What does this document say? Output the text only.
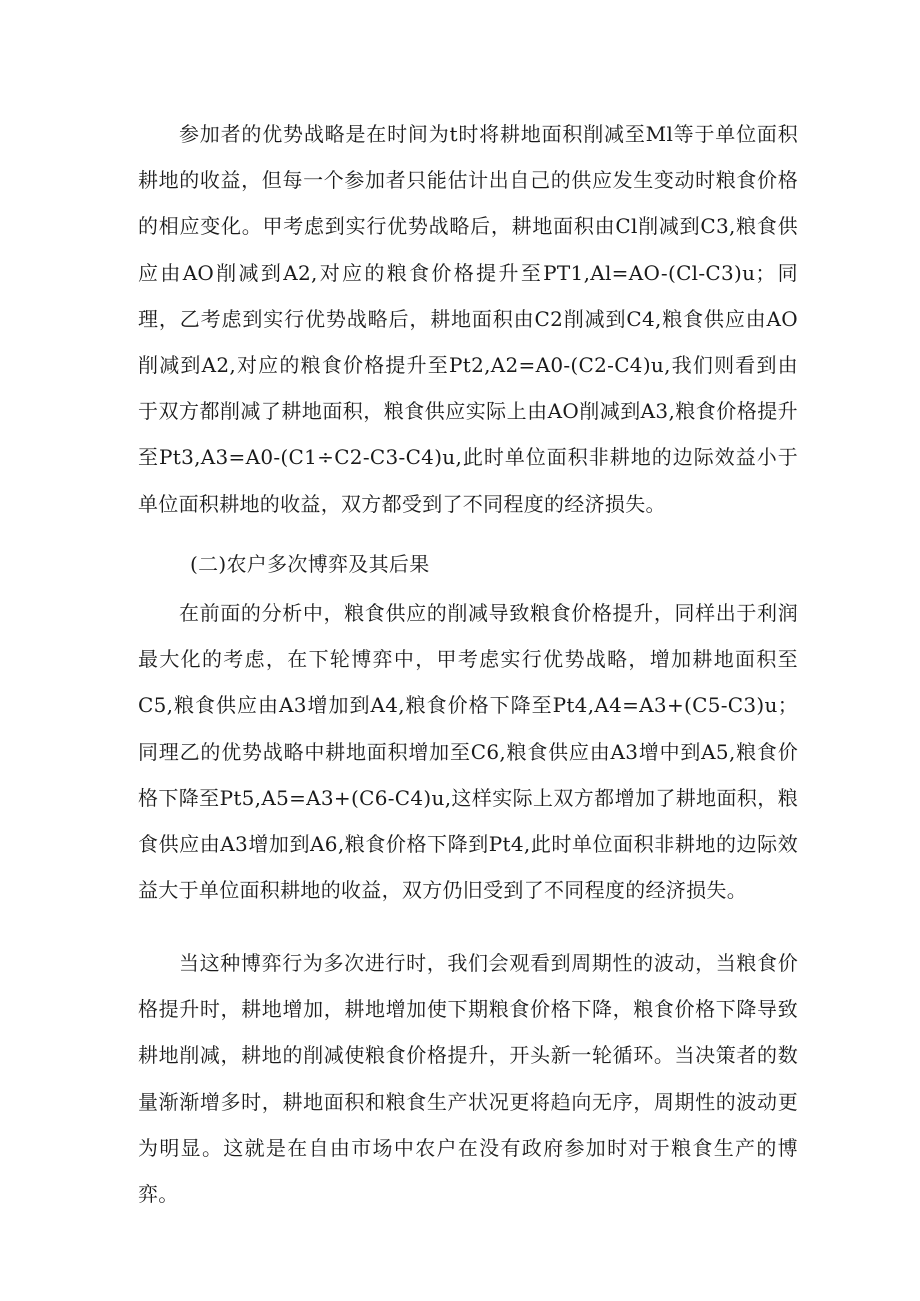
参加者的优势战略是在时间为t时将耕地面积削减至Ml等于单位面积耕地的收益，但每一个参加者只能估计出自己的供应发生变动时粮食价格的相应变化。甲考虑到实行优势战略后，耕地面积由Cl削减到C3,粮食供应由AO削减到A2,对应的粮食价格提升至PT1,Al=AO-(Cl-C3)u；同理，乙考虑到实行优势战略后，耕地面积由C2削减到C4,粮食供应由AO削减到A2,对应的粮食价格提升至Pt2,A2=A0-(C2-C4)u,我们则看到由于双方都削减了耕地面积，粮食供应实际上由AO削减到A3,粮食价格提升至Pt3,A3=A0-(C1÷C2-C3-C4)u,此时单位面积非耕地的边际效益小于单位面积耕地的收益，双方都受到了不同程度的经济损失。

(二)农户多次博弈及其后果

在前面的分析中，粮食供应的削减导致粮食价格提升，同样出于利润最大化的考虑，在下轮博弈中，甲考虑实行优势战略，增加耕地面积至C5,粮食供应由A3增加到A4,粮食价格下降至Pt4,A4=A3+(C5-C3)u；同理乙的优势战略中耕地面积增加至C6,粮食供应由A3增中到A5,粮食价格下降至Pt5,A5=A3+(C6-C4)u,这样实际上双方都增加了耕地面积，粮食供应由A3增加到A6,粮食价格下降到Pt4,此时单位面积非耕地的边际效益大于单位面积耕地的收益，双方仍旧受到了不同程度的经济损失。

当这种博弈行为多次进行时，我们会观看到周期性的波动，当粮食价格提升时，耕地增加，耕地增加使下期粮食价格下降，粮食价格下降导致耕地削减，耕地的削减使粮食价格提升，开头新一轮循环。当决策者的数量渐渐增多时，耕地面积和粮食生产状况更将趋向无序，周期性的波动更为明显。这就是在自由市场中农户在没有政府参加时对于粮食生产的博弈。
